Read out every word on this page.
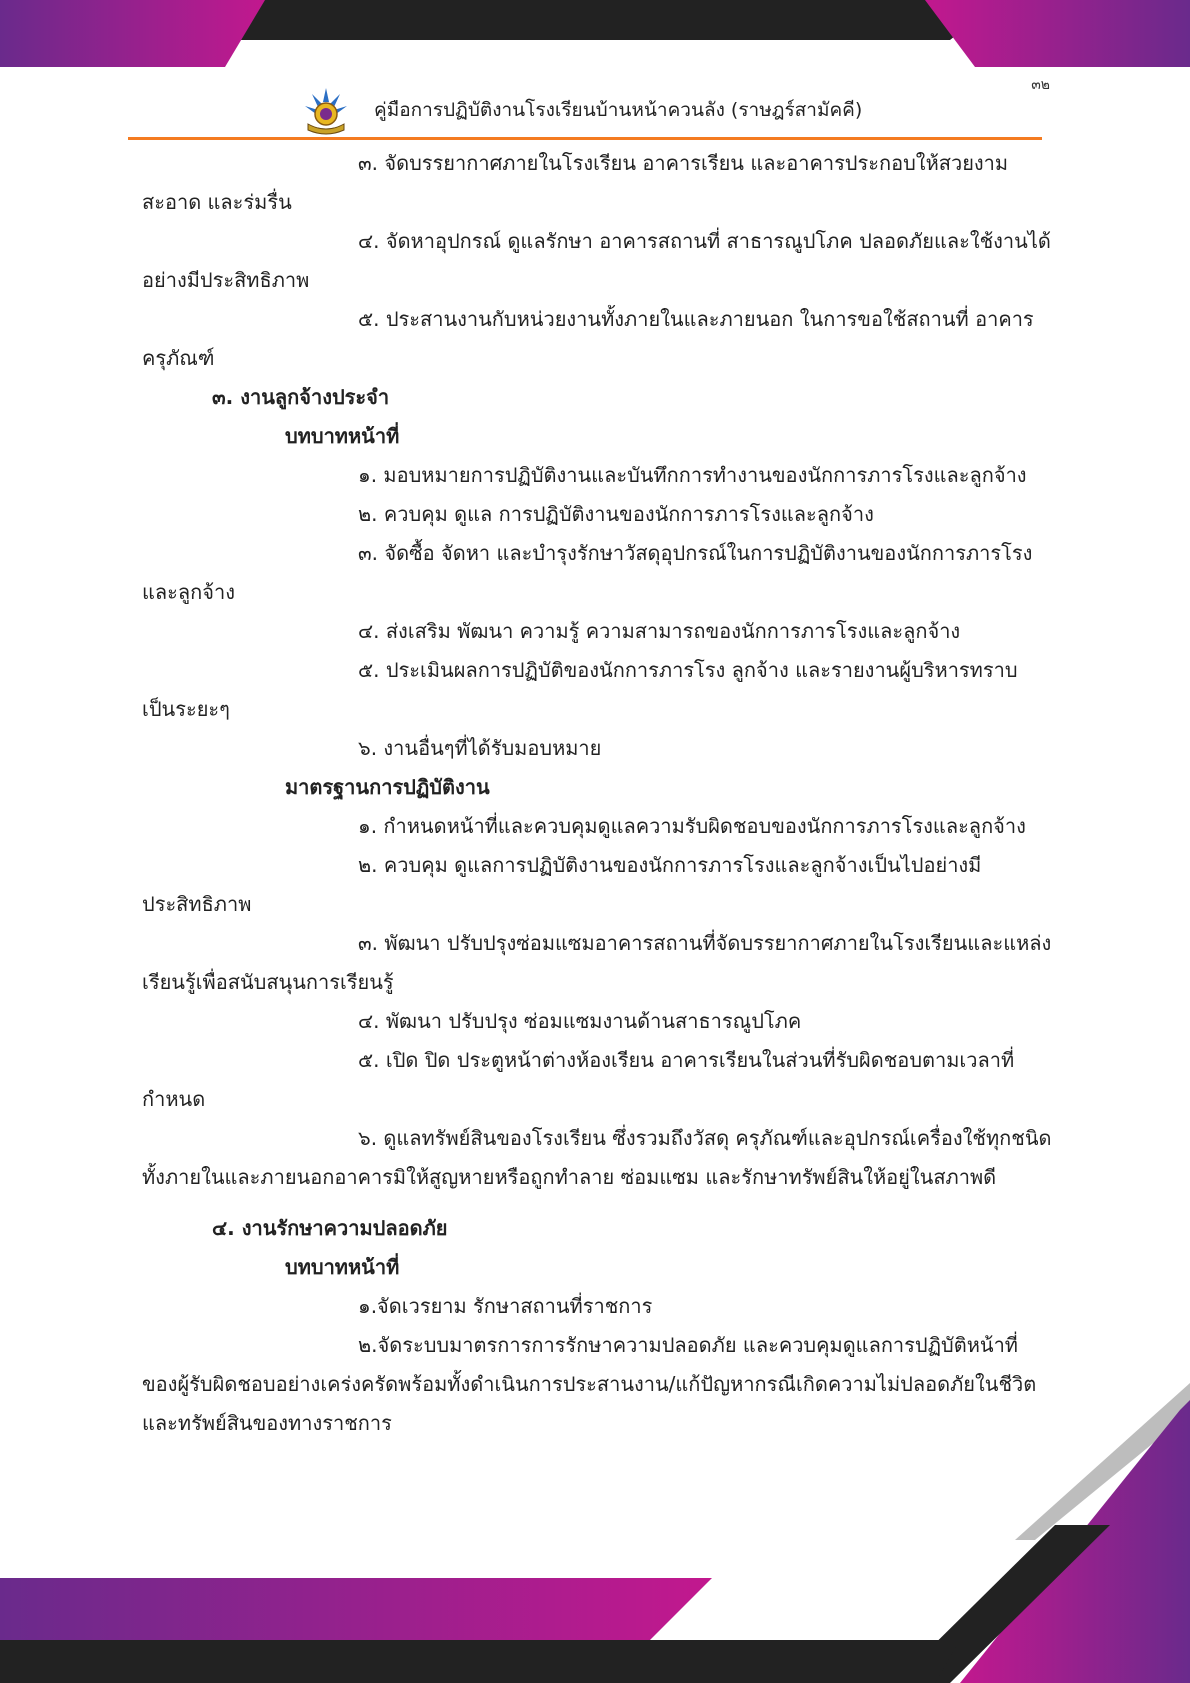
๓๒
คู่มือการปฏิบัติงานโรงเรียนบ้านหน้าควนลัง (ราษฎร์สามัคคี)
๓. จัดบรรยากาศภายในโรงเรียน อาคารเรียน และอาคารประกอบให้สวยงาม
สะอาด และร่มรื่น
๔. จัดหาอุปกรณ์ ดูแลรักษา อาคารสถานที่ สาธารณูปโภค ปลอดภัยและใช้งานได้
อย่างมีประสิทธิภาพ
๕. ประสานงานกับหน่วยงานทั้งภายในและภายนอก ในการขอใช้สถานที่ อาคาร
ครุภัณฑ์
๓. งานลูกจ้างประจำ
บทบาทหน้าที่
๑. มอบหมายการปฏิบัติงานและบันทึกการทำงานของนักการภารโรงและลูกจ้าง
๒. ควบคุม ดูแล การปฏิบัติงานของนักการภารโรงและลูกจ้าง
๓. จัดซื้อ จัดหา และบำรุงรักษาวัสดุอุปกรณ์ในการปฏิบัติงานของนักการภารโรง
และลูกจ้าง
๔. ส่งเสริม พัฒนา ความรู้ ความสามารถของนักการภารโรงและลูกจ้าง
๕. ประเมินผลการปฏิบัติของนักการภารโรง ลูกจ้าง และรายงานผู้บริหารทราบ
เป็นระยะๆ
๖. งานอื่นๆที่ได้รับมอบหมาย
มาตรฐานการปฏิบัติงาน
๑. กำหนดหน้าที่และควบคุมดูแลความรับผิดชอบของนักการภารโรงและลูกจ้าง
๒. ควบคุม ดูแลการปฏิบัติงานของนักการภารโรงและลูกจ้างเป็นไปอย่างมี
ประสิทธิภาพ
๓. พัฒนา ปรับปรุงซ่อมแซมอาคารสถานที่จัดบรรยากาศภายในโรงเรียนและแหล่ง
เรียนรู้เพื่อสนับสนุนการเรียนรู้
๔. พัฒนา ปรับปรุง ซ่อมแซมงานด้านสาธารณูปโภค
๕. เปิด ปิด ประตูหน้าต่างห้องเรียน อาคารเรียนในส่วนที่รับผิดชอบตามเวลาที่
กำหนด
๖. ดูแลทรัพย์สินของโรงเรียน ซึ่งรวมถึงวัสดุ ครุภัณฑ์และอุปกรณ์เครื่องใช้ทุกชนิด
ทั้งภายในและภายนอกอาคารมิให้สูญหายหรือถูกทำลาย ซ่อมแซม และรักษาทรัพย์สินให้อยู่ในสภาพดี
๔. งานรักษาความปลอดภัย
บทบาทหน้าที่
๑.จัดเวรยาม รักษาสถานที่ราชการ
๒.จัดระบบมาตรการการรักษาความปลอดภัย และควบคุมดูแลการปฏิบัติหน้าที่
ของผู้รับผิดชอบอย่างเคร่งครัดพร้อมทั้งดำเนินการประสานงาน/แก้ปัญหากรณีเกิดความไม่ปลอดภัยในชีวิต
และทรัพย์สินของทางราชการ
